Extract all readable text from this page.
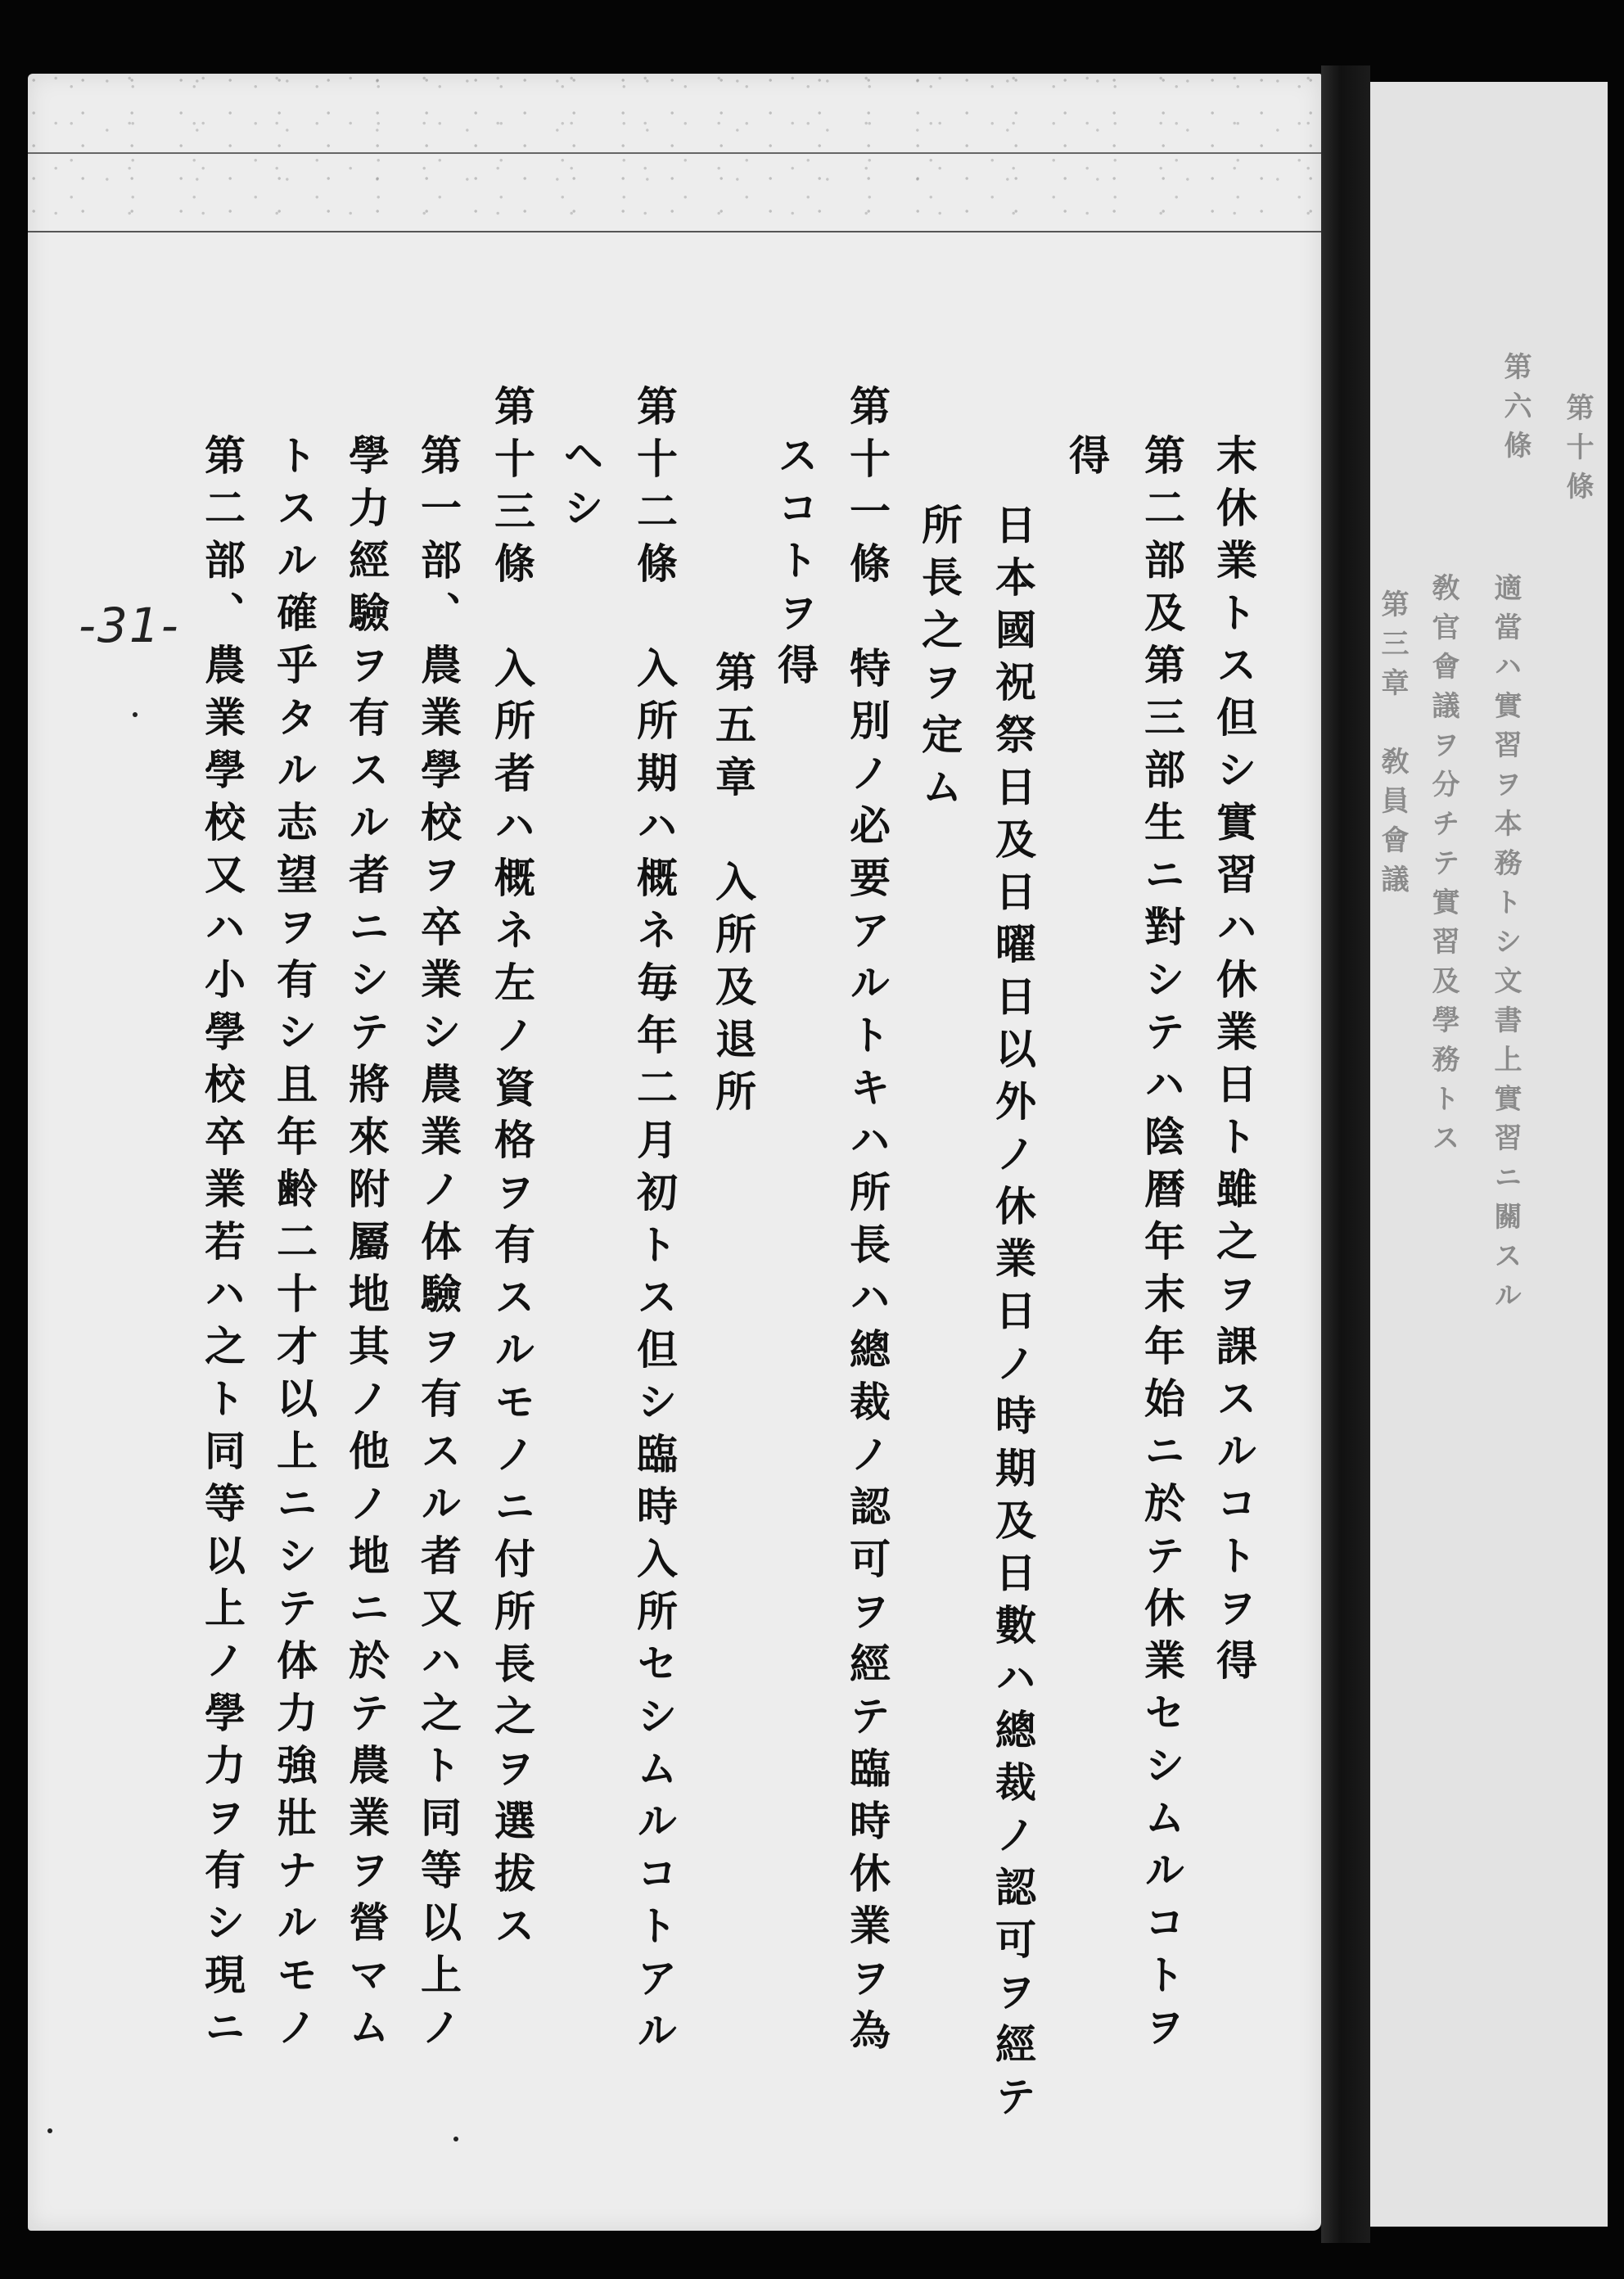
末休業トス但シ實習ハ休業日ト雖之ヲ課スルコトヲ得
第二部及第三部生ニ對シテハ陰暦年末年始ニ於テ休業セシムルコトヲ
得
日本國祝祭日及日曜日以外ノ休業日ノ時期及日數ハ總裁ノ認可ヲ經テ
所長之ヲ定ム
第十一條　特別ノ必要アルトキハ所長ハ總裁ノ認可ヲ經テ臨時休業ヲ為
スコトヲ得
第五章　入所及退所
第十二條　入所期ハ概ネ毎年二月初トス但シ臨時入所セシムルコトアル
ヘシ
第十三條　入所者ハ概ネ左ノ資格ヲ有スルモノニ付所長之ヲ選拔ス
第一部、農業學校ヲ卒業シ農業ノ体驗ヲ有スル者又ハ之ト同等以上ノ
學力經驗ヲ有スル者ニシテ將來附屬地其ノ他ノ地ニ於テ農業ヲ營マム
トスル確乎タル志望ヲ有シ且年齢二十才以上ニシテ体力強壯ナルモノ
第二部、農業學校又ハ小學校卒業若ハ之ト同等以上ノ學力ヲ有シ現ニ
-31-
第十條
第六條
適當ハ實習ヲ本務トシ文書上實習ニ關スル
敎官會議ヲ分チテ實習及學務トス
第三章　敎員會議
